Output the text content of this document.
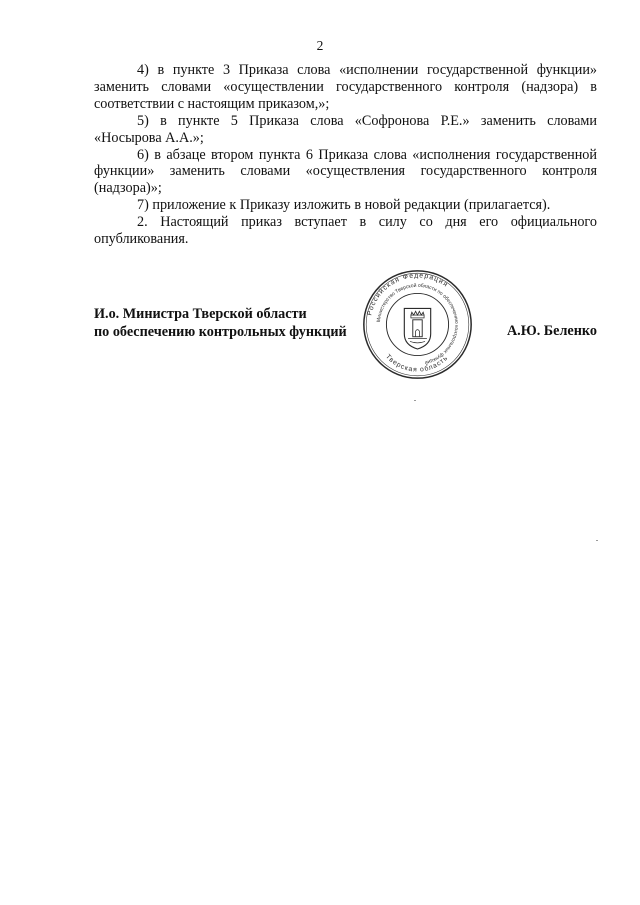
2

4) в пункте 3 Приказа слова «исполнении государственной функции» заменить словами «осуществлении государственного контроля (надзора) в соответствии с настоящим приказом,»;

5) в пункте 5 Приказа слова «Софронова Р.Е.» заменить словами «Носырова А.А.»;

6) в абзаце втором пункта 6 Приказа слова «исполнения государственной функции» заменить словами «осуществления государственного контроля (надзора)»;

7) приложение к Приказу изложить в новой редакции (прилагается).

2. Настоящий приказ вступает в силу со дня его официального опубликования.

И.о. Министра Тверской области
по обеспечению контрольных функций	А.Ю. Беленко
Российская Федерация
Министерство Тверской области по обеспечению контрольных функций
Тверская область
